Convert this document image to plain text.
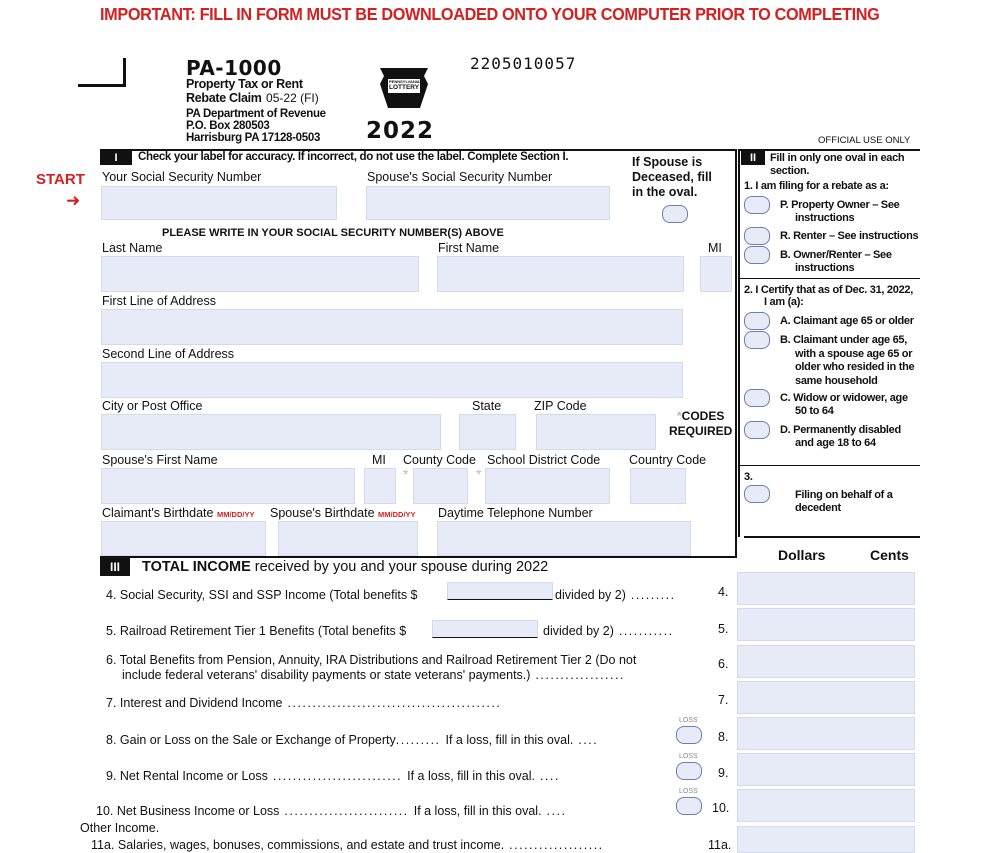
IMPORTANT: FILL IN FORM MUST BE DOWNLOADED ONTO YOUR COMPUTER PRIOR TO COMPLETING
PA-1000
Property Tax or Rent
Rebate Claim 05-22 (FI)
PA Department of Revenue
P.O. Box 280503
Harrisburg PA 17128-0503
PENNSYLVANIA
LOTTERY
2022
2205010057
OFFICIAL USE ONLY
START
➜
I	Check your label for accuracy. If incorrect, do not use the label. Complete Section I.
Your Social Security Number	Spouse's Social Security Number
If Spouse is
Deceased, fill
in the oval.
PLEASE WRITE IN YOUR SOCIAL SECURITY NUMBER(S) ABOVE
Last Name	First Name	MI
First Line of Address
Second Line of Address
City or Post Office	State	ZIP Code
*CODES
REQUIRED
Spouse's First Name	MI County Code
*
School District Code
*
Country Code
Claimant's Birthdate MM/DD/YY Spouse's Birthdate MM/DD/YY Daytime Telephone Number
II	Fill in only one oval in each
section.
1. I am filing for a rebate as a:
P. Property Owner – See
instructions
R. Renter – See instructions
B. Owner/Renter – See
instructions
2. I Certify that as of Dec. 31, 2022,
I am (a):
A. Claimant age 65 or older
B. Claimant under age 65,
with a spouse age 65 or
older who resided in the
same household
C. Widow or widower, age
50 to 64
D. Permanently disabled
and age 18 to 64
3.
Filing on behalf of a
decedent
III	TOTAL INCOME received by you and your spouse during 2022
Dollars	Cents
4. Social Security, SSI and SSP Income (Total benefits $	divided by 2) .........	4.
5. Railroad Retirement Tier 1 Benefits (Total benefits $	divided by 2) ...........	5.
6. Total Benefits from Pension, Annuity, IRA Distributions and Railroad Retirement Tier 2 (Do not
include federal veterans' disability payments or state veterans' payments.) ..................
6.
7. Interest and Dividend Income ...........................................	7.
8. Gain or Loss on the Sale or Exchange of Property......... If a loss, fill in this oval. ....
LOSS
8.
9. Net Rental Income or Loss .......................... If a loss, fill in this oval. ....
LOSS
9.
10. Net Business Income or Loss ......................... If a loss, fill in this oval. ....
LOSS
10.
Other Income.
11a. Salaries, wages, bonuses, commissions, and estate and trust income. ...................	11a.
